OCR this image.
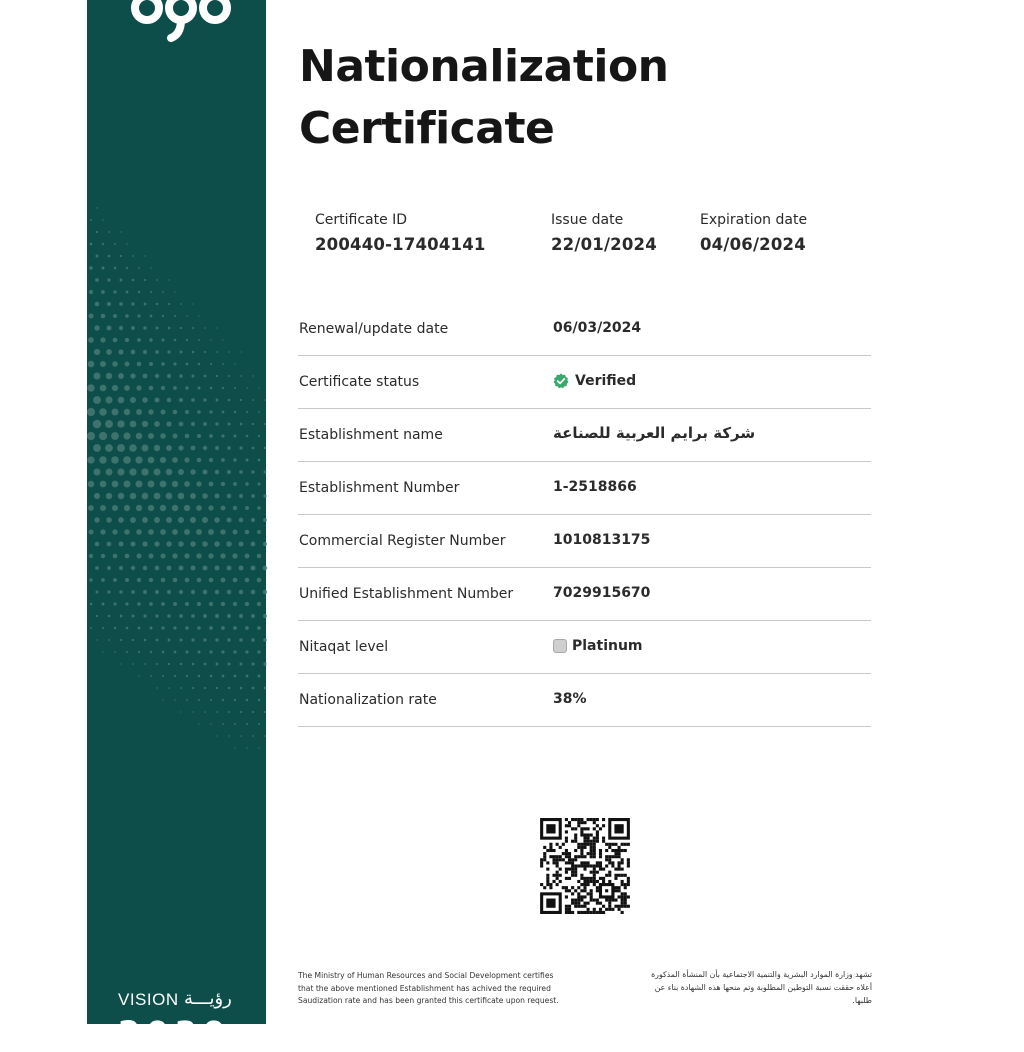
VISION رؤيـــة
2030
Nationalization Certificate
Certificate ID
200440-17404141
Issue date
22/01/2024
Expiration date
04/06/2024
Renewal/update date	06/03/2024
Certificate status	Verified
Establishment name	شركة برايم العربية للصناعة
Establishment Number	1-2518866
Commercial Register Number	1010813175
Unified Establishment Number	7029915670
Nitaqat level	Platinum
Nationalization rate	38%
The Ministry of Human Resources and Social Development certifies that the above mentioned Establishment has achived the required Saudization rate and has been granted this certificate upon request.
تشهد وزارة الموارد البشرية والتنمية الاجتماعية بأن المنشأة المذكورة أعلاه حققت نسبة التوطين المطلوبة وتم منحها هذه الشهادة بناء عن طلبها.
